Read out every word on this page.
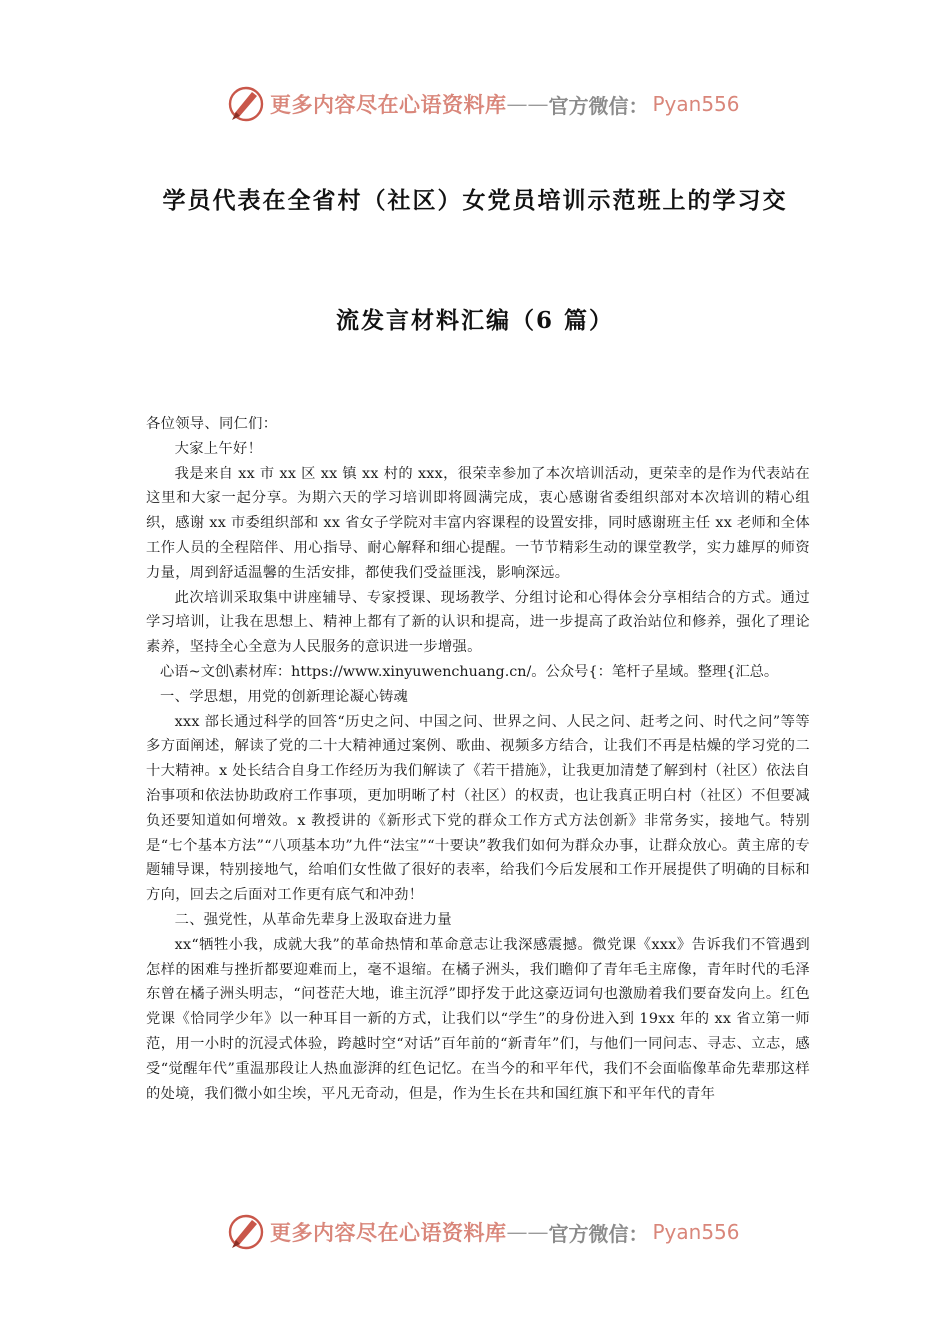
更多内容尽在心语资料库 —— 官方微信： Pyan556
学员代表在全省村（社区）女党员培训示范班上的学习交
流发言材料汇编（6 篇）

各位领导、同仁们：

大家上午好！

我是来自 xx 市 xx 区 xx 镇 xx 村的 xxx，很荣幸参加了本次培训活动，更荣幸的是作为代表站在这里和大家一起分享。为期六天的学习培训即将圆满完成，衷心感谢省委组织部对本次培训的精心组织，感谢 xx 市委组织部和 xx 省女子学院对丰富内容课程的设置安排，同时感谢班主任 xx 老师和全体工作人员的全程陪伴、用心指导、耐心解释和细心提醒。一节节精彩生动的课堂教学，实力雄厚的师资力量，周到舒适温馨的生活安排，都使我们受益匪浅，影响深远。

此次培训采取集中讲座辅导、专家授课、现场教学、分组讨论和心得体会分享相结合的方式。通过学习培训，让我在思想上、精神上都有了新的认识和提高，进一步提高了政治站位和修养，强化了理论素养，坚持全心全意为人民服务的意识进一步增强。

心语~文创\素材库：https://www.xinyuwenchuang.cn/。公众号{：笔杆子星域。整理{汇总。

一、学思想，用党的创新理论凝心铸魂

xxx 部长通过科学的回答“历史之问、中国之问、世界之问、人民之问、赶考之问、时代之问”等等多方面阐述，解读了党的二十大精神通过案例、歌曲、视频多方结合，让我们不再是枯燥的学习党的二十大精神。x 处长结合自身工作经历为我们解读了《若干措施》，让我更加清楚了解到村（社区）依法自治事项和依法协助政府工作事项，更加明晰了村（社区）的权责，也让我真正明白村（社区）不但要减负还要知道如何增效。x 教授讲的《新形式下党的群众工作方式方法创新》非常务实，接地气。特别是“七个基本方法”“八项基本功”九件“法宝”“十要诀”教我们如何为群众办事，让群众放心。黄主席的专题辅导课，特别接地气，给咱们女性做了很好的表率，给我们今后发展和工作开展提供了明确的目标和方向，回去之后面对工作更有底气和冲劲！

二、强党性，从革命先辈身上汲取奋进力量

xx“牺牲小我，成就大我”的革命热情和革命意志让我深感震撼。微党课《xxx》告诉我们不管遇到怎样的困难与挫折都要迎难而上，毫不退缩。在橘子洲头，我们瞻仰了青年毛主席像，青年时代的毛泽东曾在橘子洲头明志，“问苍茫大地，谁主沉浮”即抒发于此这豪迈词句也激励着我们要奋发向上。红色党课《恰同学少年》以一种耳目一新的方式，让我们以“学生”的身份进入到 19xx 年的 xx 省立第一师范，用一小时的沉浸式体验，跨越时空“对话”百年前的“新青年”们，与他们一同问志、寻志、立志，感受“觉醒年代”重温那段让人热血澎湃的红色记忆。在当今的和平年代，我们不会面临像革命先辈那这样的处境，我们微小如尘埃，平凡无奇动，但是，作为生长在共和国红旗下和平年代的青年

更多内容尽在心语资料库 —— 官方微信： Pyan556
